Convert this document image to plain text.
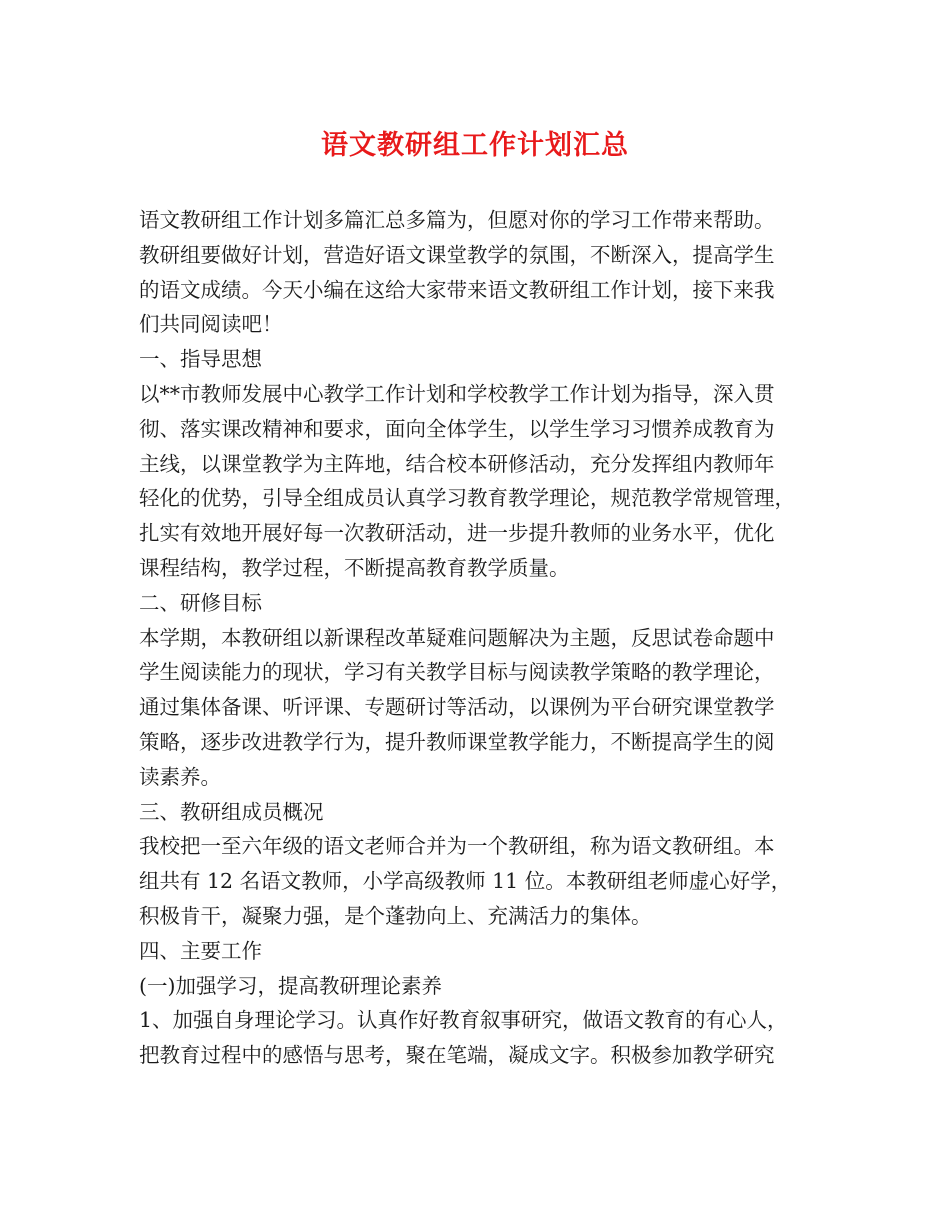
语文教研组工作计划汇总
语文教研组工作计划多篇汇总多篇为，但愿对你的学习工作带来帮助。
教研组要做好计划，营造好语文课堂教学的氛围，不断深入，提高学生
的语文成绩。今天小编在这给大家带来语文教研组工作计划，接下来我
们共同阅读吧！
一、指导思想
以**市教师发展中心教学工作计划和学校教学工作计划为指导，深入贯
彻、落实课改精神和要求，面向全体学生，以学生学习习惯养成教育为
主线，以课堂教学为主阵地，结合校本研修活动，充分发挥组内教师年
轻化的优势，引导全组成员认真学习教育教学理论，规范教学常规管理，
扎实有效地开展好每一次教研活动，进一步提升教师的业务水平，优化
课程结构，教学过程，不断提高教育教学质量。
二、研修目标
本学期，本教研组以新课程改革疑难问题解决为主题，反思试卷命题中
学生阅读能力的现状，学习有关教学目标与阅读教学策略的教学理论，
通过集体备课、听评课、专题研讨等活动，以课例为平台研究课堂教学
策略，逐步改进教学行为，提升教师课堂教学能力，不断提高学生的阅
读素养。
三、教研组成员概况
我校把一至六年级的语文老师合并为一个教研组，称为语文教研组。本
组共有 12 名语文教师，小学高级教师 11 位。本教研组老师虚心好学，
积极肯干，凝聚力强，是个蓬勃向上、充满活力的集体。
四、主要工作
(一)加强学习，提高教研理论素养
1、加强自身理论学习。认真作好教育叙事研究，做语文教育的有心人，
把教育过程中的感悟与思考，聚在笔端，凝成文字。积极参加教学研究
